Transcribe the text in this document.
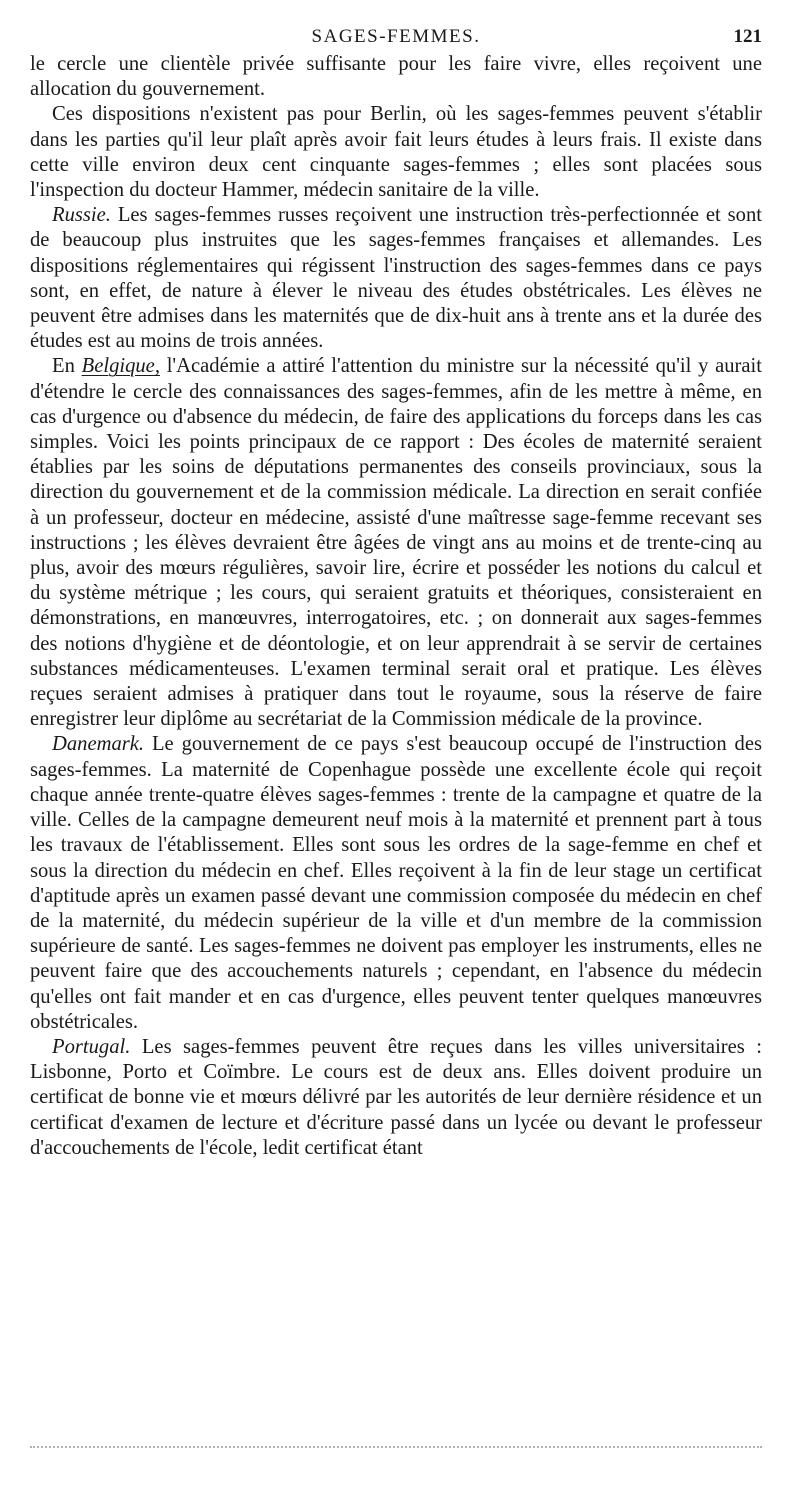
SAGES-FEMMES.	121

le cercle une clientèle privée suffisante pour les faire vivre, elles reçoivent une allocation du gouvernement.

Ces dispositions n'existent pas pour Berlin, où les sages-femmes peuvent s'établir dans les parties qu'il leur plaît après avoir fait leurs études à leurs frais. Il existe dans cette ville environ deux cent cinquante sages-femmes ; elles sont placées sous l'inspection du docteur Hammer, médecin sanitaire de la ville.

Russie. Les sages-femmes russes reçoivent une instruction très-perfectionnée et sont de beaucoup plus instruites que les sages-femmes françaises et allemandes. Les dispositions réglementaires qui régissent l'instruction des sages-femmes dans ce pays sont, en effet, de nature à élever le niveau des études obstétricales. Les élèves ne peuvent être admises dans les maternités que de dix-huit ans à trente ans et la durée des études est au moins de trois années.

En Belgique, l'Académie a attiré l'attention du ministre sur la nécessité qu'il y aurait d'étendre le cercle des connaissances des sages-femmes, afin de les mettre à même, en cas d'urgence ou d'absence du médecin, de faire des applications du forceps dans les cas simples. Voici les points principaux de ce rapport : Des écoles de maternité seraient établies par les soins de députations permanentes des conseils provinciaux, sous la direction du gouvernement et de la commission médicale. La direction en serait confiée à un professeur, docteur en médecine, assisté d'une maîtresse sage-femme recevant ses instructions ; les élèves devraient être âgées de vingt ans au moins et de trente-cinq au plus, avoir des mœurs régulières, savoir lire, écrire et posséder les notions du calcul et du système métrique ; les cours, qui seraient gratuits et théoriques, consisteraient en démonstrations, en manœuvres, interrogatoires, etc. ; on donnerait aux sages-femmes des notions d'hygiène et de déontologie, et on leur apprendrait à se servir de certaines substances médicamenteuses. L'examen terminal serait oral et pratique. Les élèves reçues seraient admises à pratiquer dans tout le royaume, sous la réserve de faire enregistrer leur diplôme au secrétariat de la Commission médicale de la province.

Danemark. Le gouvernement de ce pays s'est beaucoup occupé de l'instruction des sages-femmes. La maternité de Copenhague possède une excellente école qui reçoit chaque année trente-quatre élèves sages-femmes : trente de la campagne et quatre de la ville. Celles de la campagne demeurent neuf mois à la maternité et prennent part à tous les travaux de l'établissement. Elles sont sous les ordres de la sage-femme en chef et sous la direction du médecin en chef. Elles reçoivent à la fin de leur stage un certificat d'aptitude après un examen passé devant une commission composée du médecin en chef de la maternité, du médecin supérieur de la ville et d'un membre de la commission supérieure de santé. Les sages-femmes ne doivent pas employer les instruments, elles ne peuvent faire que des accouchements naturels ; cependant, en l'absence du médecin qu'elles ont fait mander et en cas d'urgence, elles peuvent tenter quelques manœuvres obstétricales.

Portugal. Les sages-femmes peuvent être reçues dans les villes universitaires : Lisbonne, Porto et Coïmbre. Le cours est de deux ans. Elles doivent produire un certificat de bonne vie et mœurs délivré par les autorités de leur dernière résidence et un certificat d'examen de lecture et d'écriture passé dans un lycée ou devant le professeur d'accouchements de l'école, ledit certificat étant
